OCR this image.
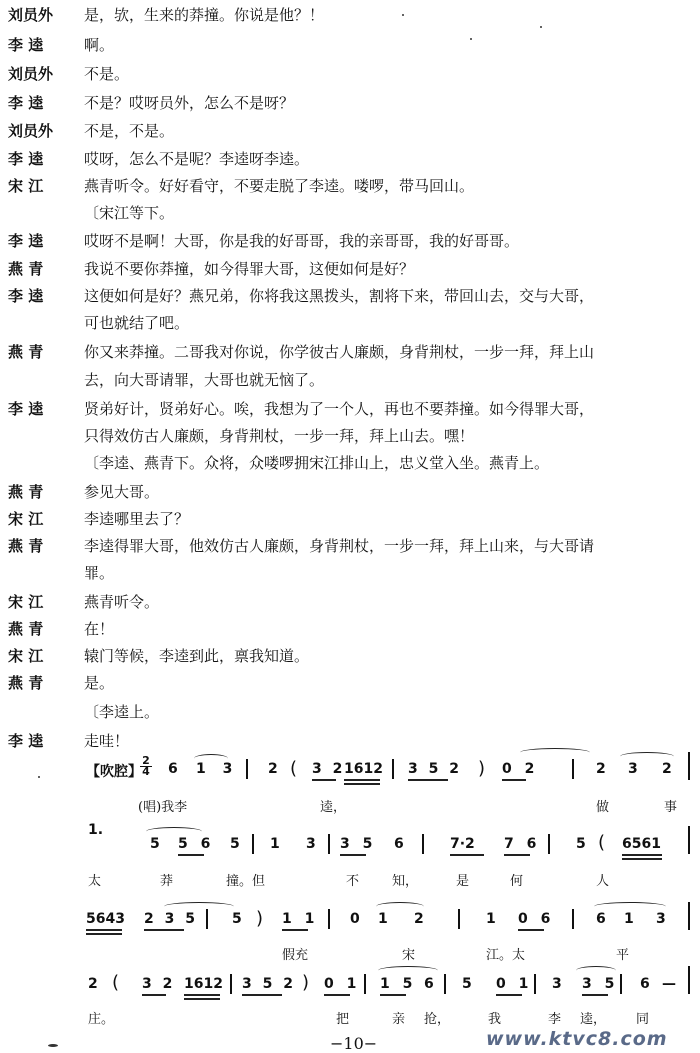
刘员外	是，欤，生来的莽撞。你说是他？！
李 逵	啊。
刘员外	不是。
李 逵	不是？哎呀员外，怎么不是呀？
刘员外	不是，不是。
李 逵	哎呀，怎么不是呢？李逵呀李逵。
宋 江	燕青听令。好好看守，不要走脱了李逵。喽啰，带马回山。
〔宋江等下。
李 逵	哎呀不是啊！大哥，你是我的好哥哥，我的亲哥哥，我的好哥哥。
燕 青	我说不要你莽撞，如今得罪大哥，这便如何是好？
李 逵	这便如何是好？燕兄弟，你将我这黑拨头，割将下来，带回山去，交与大哥，
可也就结了吧。
燕 青	你又来莽撞。二哥我对你说，你学彼古人廉颇，身背荆杖，一步一拜，拜上山
去，向大哥请罪，大哥也就无恼了。
李 逵	贤弟好计，贤弟好心。唉，我想为了一个人，再也不要莽撞。如今得罪大哥，
只得效仿古人廉颇，身背荆杖，一步一拜，拜上山去。嘿！
〔李逵、燕青下。众将，众喽啰拥宋江排山上，忠义堂入坐。燕青上。
燕 青	参见大哥。
宋 江	李逵哪里去了？
燕 青	李逵得罪大哥，他效仿古人廉颇，身背荆杖，一步一拜，拜上山来，与大哥请
罪。
宋 江	燕青听令。
燕 青	在！
宋 江	辕门等候，李逵到此，禀我知道。
燕 青	是。
〔李逵上。
李 逵	走哇！
【吹腔】
2
4 6 1 3 2 ( 3 2
1612 3 5 2 ) 0 2	2 3 2
(唱)我李	逵，	做	事
1.
5 5 6 5 1 3 3 5 6	7·2 7 6	5 ( 6561
太	莽	撞。但	不	知，	是	何	人
5643 2 3 5 5 ) 1 1 0 1 2	1 0 6	6 1 3
假充	宋	江。太	平
2 ( 3 2 1612 3 5 2 ) 0 1 1 5 6 5 0 1 3 3 5 6 —
庄。	把	亲 抢，	我	李 逵， 同
−10−	www.ktvc8.com
